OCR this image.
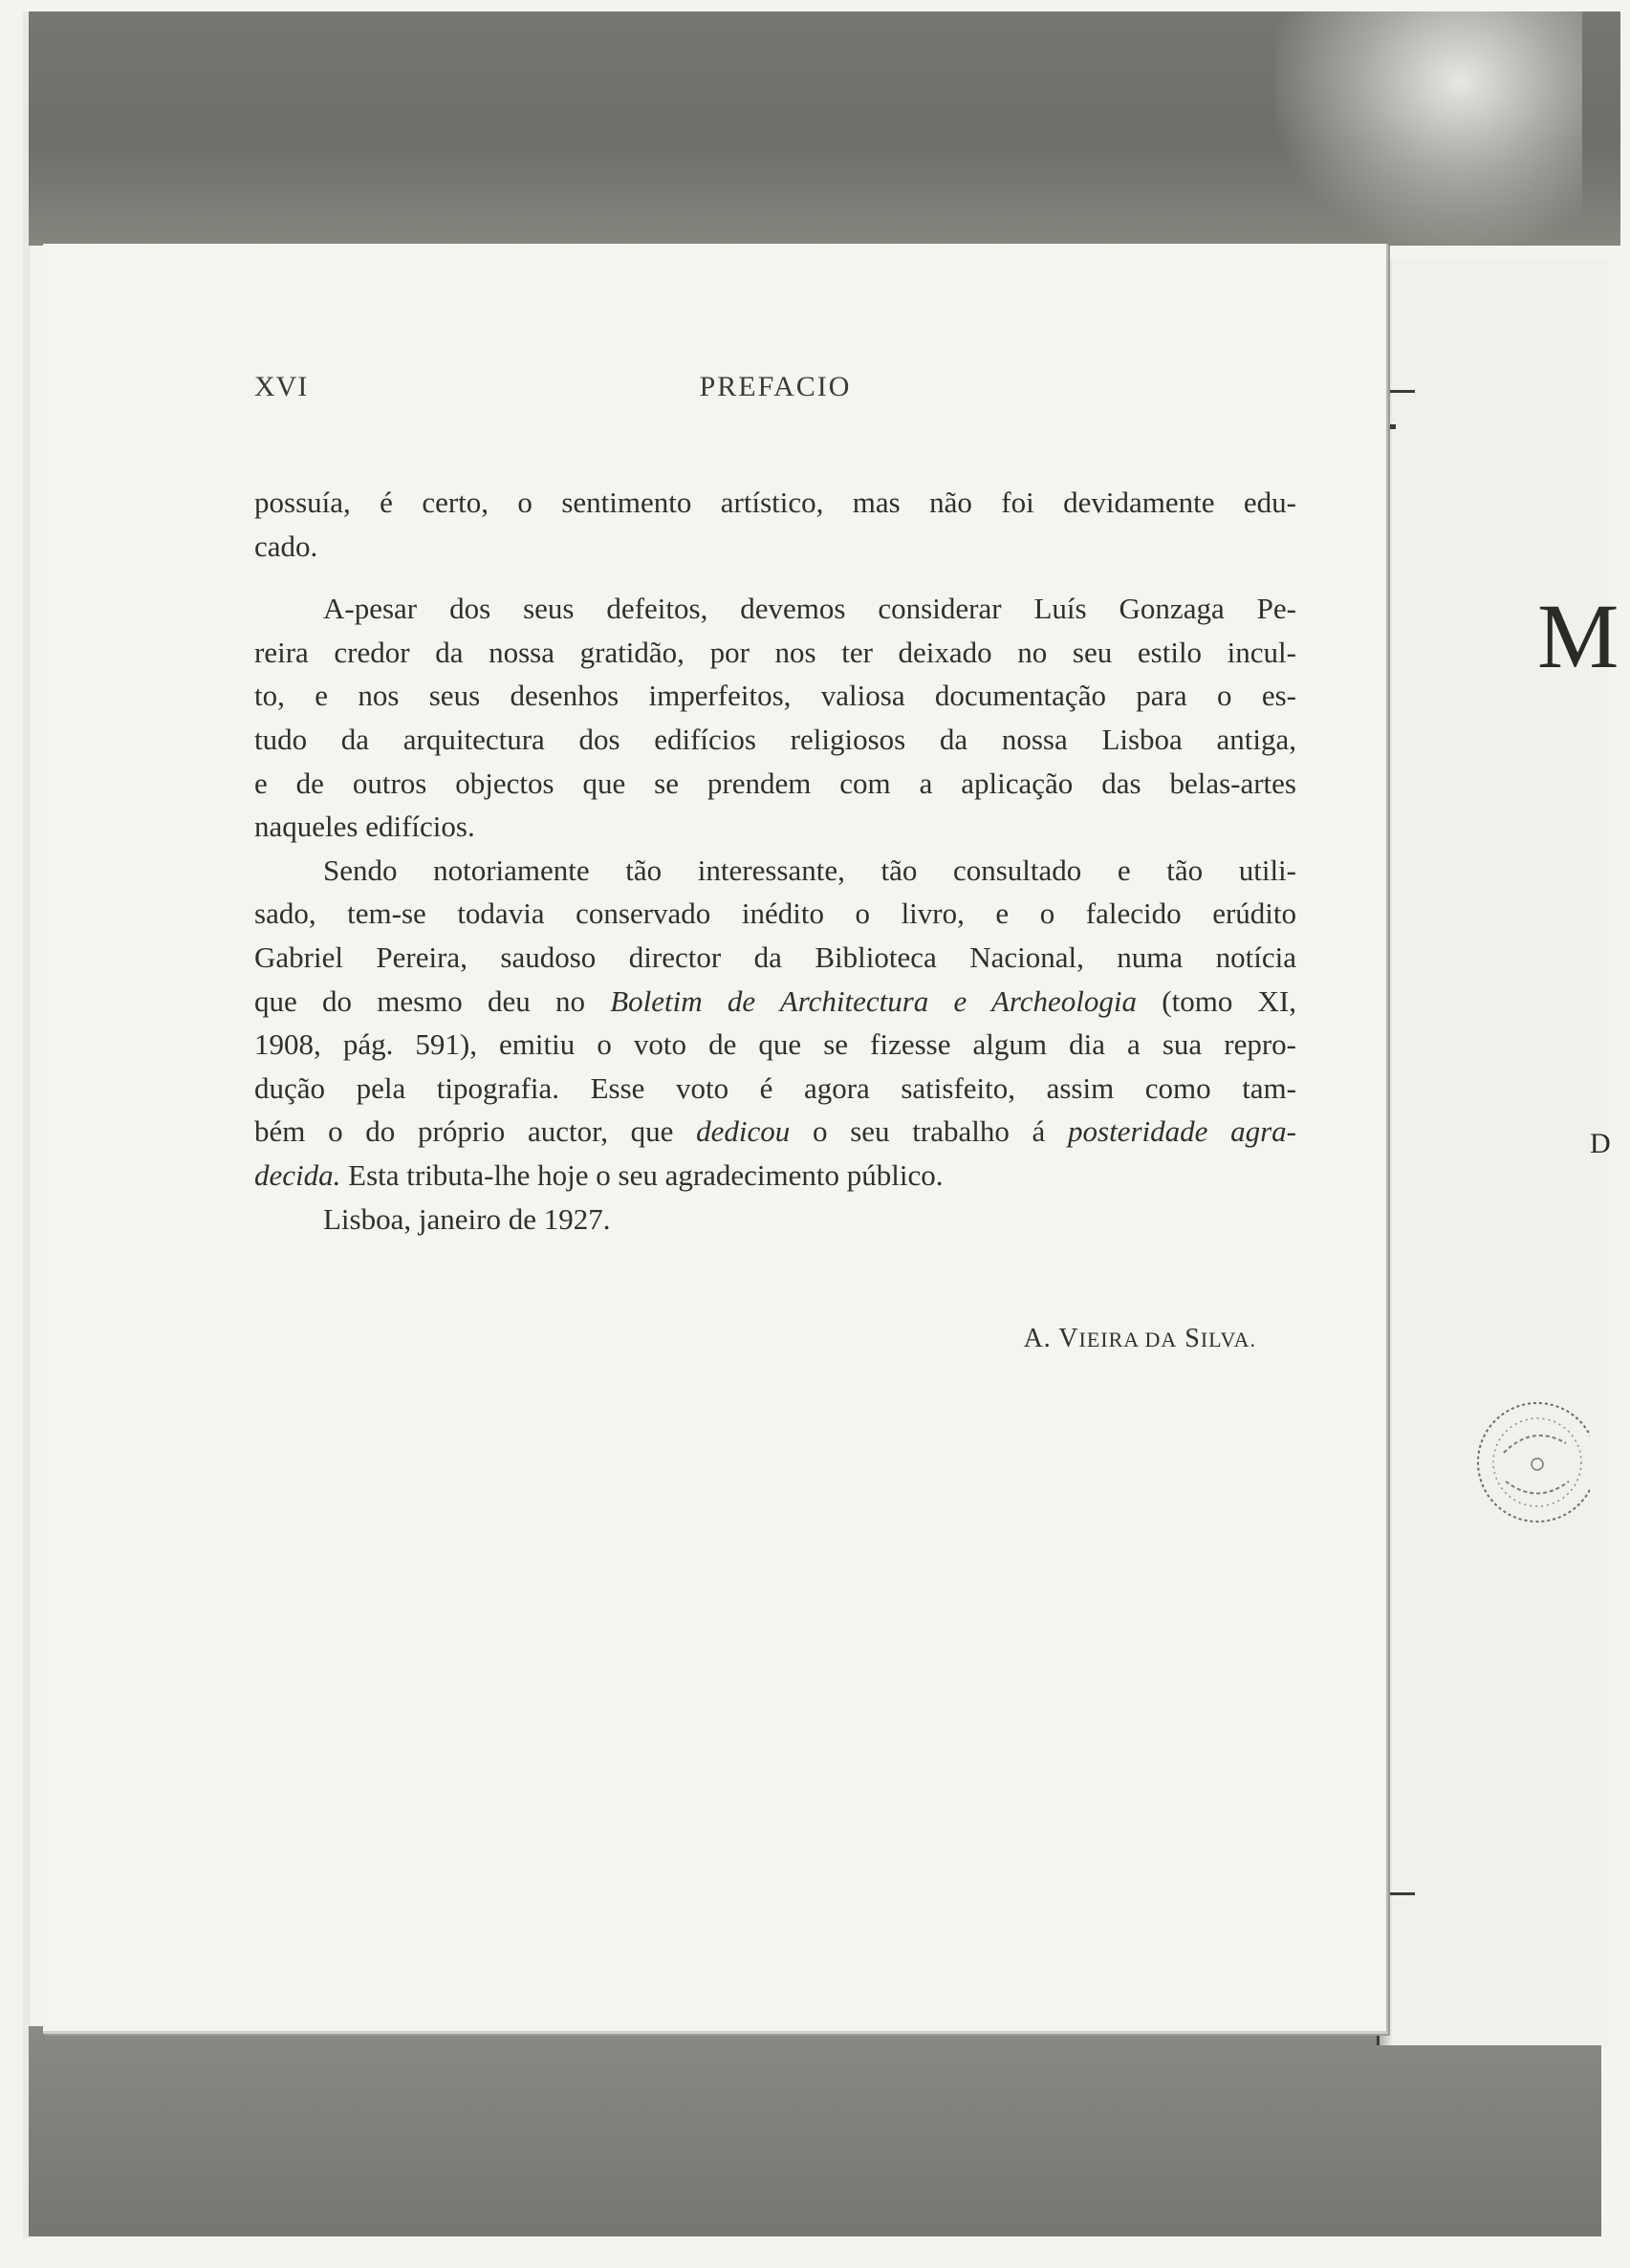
M
D
XVI	PREFACIO

possuía, é certo, o sentimento artístico, mas não foi devidamente edu-
cado.

A-pesar dos seus defeitos, devemos considerar Luís Gonzaga Pe-
reira credor da nossa gratidão, por nos ter deixado no seu estilo incul-
to, e nos seus desenhos imperfeitos, valiosa documentação para o es-
tudo da arquitectura dos edifícios religiosos da nossa Lisboa antiga,
e de outros objectos que se prendem com a aplicação das belas-artes
naqueles edifícios.

Sendo notoriamente tão interessante, tão consultado e tão utili-
sado, tem-se todavia conservado inédito o livro, e o falecido erúdito
Gabriel Pereira, saudoso director da Biblioteca Nacional, numa notícia
que do mesmo deu no Boletim de Architectura e Archeologia (tomo XI,
1908, pág. 591), emitiu o voto de que se fizesse algum dia a sua repro-
dução pela tipografia. Esse voto é agora satisfeito, assim como tam-
bém o do próprio auctor, que dedicou o seu trabalho á posteridade agra-
decida. Esta tributa-lhe hoje o seu agradecimento público.
Lisboa, janeiro de 1927.

A. VIEIRA DA SILVA.
